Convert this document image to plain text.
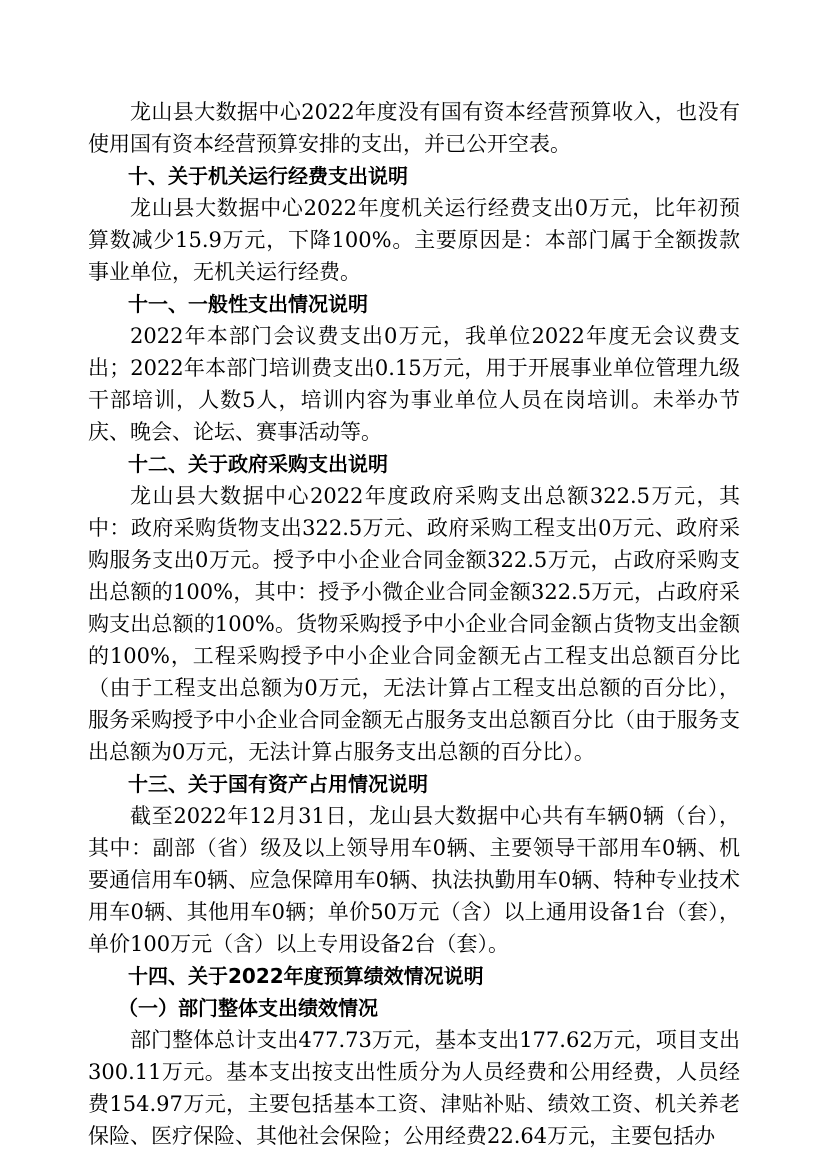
龙山县大数据中心2022年度没有国有资本经营预算收入，也没有使用国有资本经营预算安排的支出，并已公开空表。

十、关于机关运行经费支出说明

龙山县大数据中心2022年度机关运行经费支出0万元，比年初预算数减少15.9万元，下降100%。主要原因是：本部门属于全额拨款事业单位，无机关运行经费。

十一、一般性支出情况说明

2022年本部门会议费支出0万元，我单位2022年度无会议费支出；2022年本部门培训费支出0.15万元，用于开展事业单位管理九级干部培训，人数5人，培训内容为事业单位人员在岗培训。未举办节庆、晚会、论坛、赛事活动等。

十二、关于政府采购支出说明

龙山县大数据中心2022年度政府采购支出总额322.5万元，其中：政府采购货物支出322.5万元、政府采购工程支出0万元、政府采购服务支出0万元。授予中小企业合同金额322.5万元，占政府采购支出总额的100%，其中：授予小微企业合同金额322.5万元，占政府采购支出总额的100%。货物采购授予中小企业合同金额占货物支出金额的100%，工程采购授予中小企业合同金额无占工程支出总额百分比（由于工程支出总额为0万元，无法计算占工程支出总额的百分比），服务采购授予中小企业合同金额无占服务支出总额百分比（由于服务支出总额为0万元，无法计算占服务支出总额的百分比）。

十三、关于国有资产占用情况说明

截至2022年12月31日，龙山县大数据中心共有车辆0辆（台），其中：副部（省）级及以上领导用车0辆、主要领导干部用车0辆、机要通信用车0辆、应急保障用车0辆、执法执勤用车0辆、特种专业技术用车0辆、其他用车0辆；单价50万元（含）以上通用设备1台（套），单价100万元（含）以上专用设备2台（套）。

十四、关于2022年度预算绩效情况说明
（一）部门整体支出绩效情况

部门整体总计支出477.73万元，基本支出177.62万元，项目支出300.11万元。基本支出按支出性质分为人员经费和公用经费，人员经费154.97万元，主要包括基本工资、津贴补贴、绩效工资、机关养老保险、医疗保险、其他社会保险；公用经费22.64万元，主要包括办
